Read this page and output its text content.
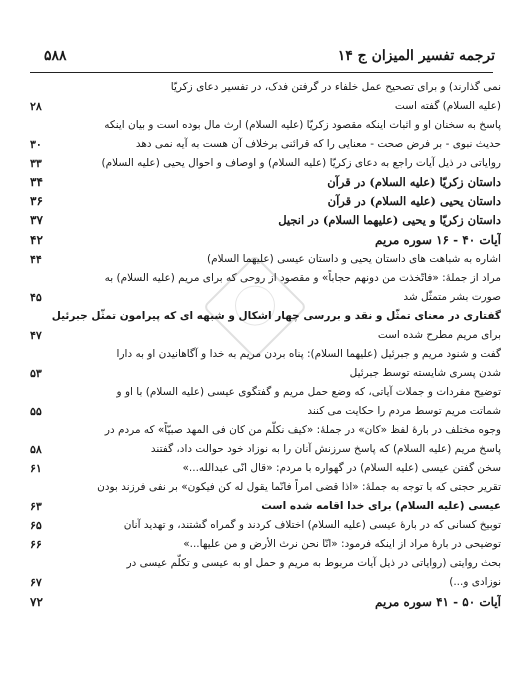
۵۸۸	ترجمه تفسیر المیزان ج ۱۴
نمی گذارند) و برای تصحیح عمل خلفاء در گرفتن فدک، در تفسیر دعای زکریّا
(علیه السلام) گفته است
۲۸
پاسخ به سخنان او و اثبات اینکه مقصود زکریّا (علیه السلام) ارث مال بوده است و بیان اینکه
حدیث نبوی - بر فرض صحت - معنایی را که قرائنی برخلاف آن هست به آیه نمی دهد
۳۰
روایاتی در ذیل آیات راجع به دعای زکریّا (علیه السلام) و اوصاف و احوال یحیی (علیه السلام)
۳۳
داستان زکریّا (علیه السلام) در قرآن
۳۴
داستان یحیی (علیه السلام) در قرآن
۳۶
داستان زکریّا و یحیی (علیهما السلام) در انجیل
۳۷
آیات ۴۰ - ۱۶ سوره مریم
۴۲
اشاره به شباهت های داستان یحیی و داستان عیسی (علیهما السلام)
۴۴
مراد از جملهٔ: «فاتّخذت من دونهم حجاباً» و مقصود از روحی که برای مریم (علیه السلام) به
صورت بشر متمثّل شد
۴۵
گفتاری در معنای تمثّل و نقد و بررسی چهار اشکال و شبهه ای که پیرامون تمثّل جبرئیل
برای مریم مطرح شده است
۴۷
گفت و شنود مریم و جبرئیل (علیهما السلام): پناه بردن مریم به خدا و آگاهانیدن او به دارا
شدن پسری شایسته توسط جبرئیل
۵۳
توضیح مفردات و جملات آیاتی، که وضع حمل مریم و گفتگوی عیسی (علیه السلام) با او و
شماتت مریم توسط مردم را حکایت می کنند
۵۵
وجوه مختلف در بارهٔ لفظ «کان» در جملهٔ: «کیف نکلّم من کان فی المهد صبیّاً» که مردم در
پاسخ مریم (علیه السلام) که پاسخ سرزنش آنان را به نوزاد خود حوالت داد، گفتند
۵۸
سخن گفتن عیسی (علیه السلام) در گهواره با مردم: «قال انّی عبدالله...»
۶۱
تقریر حجتی که با توجه به جملهٔ: «اذا قضی امراً فانّما یقول له کن فیکون» بر نفی فرزند بودن
عیسی (علیه السلام) برای خدا اقامه شده است
۶۳
توبیخ کسانی که در بارهٔ عیسی (علیه السلام) اختلاف کردند و گمراه گشتند، و تهدید آنان
۶۵
توضیحی در بارهٔ مراد از اینکه فرمود: «انّا نحن نرث الأرض و من علیها...»
۶۶
بحث روایتی (روایاتی در ذیل آیات مربوط به مریم و حمل او به عیسی و تکلّم عیسی در
نوزادی و...)
۶۷
آیات ۵۰ - ۴۱ سوره مریم
۷۲
